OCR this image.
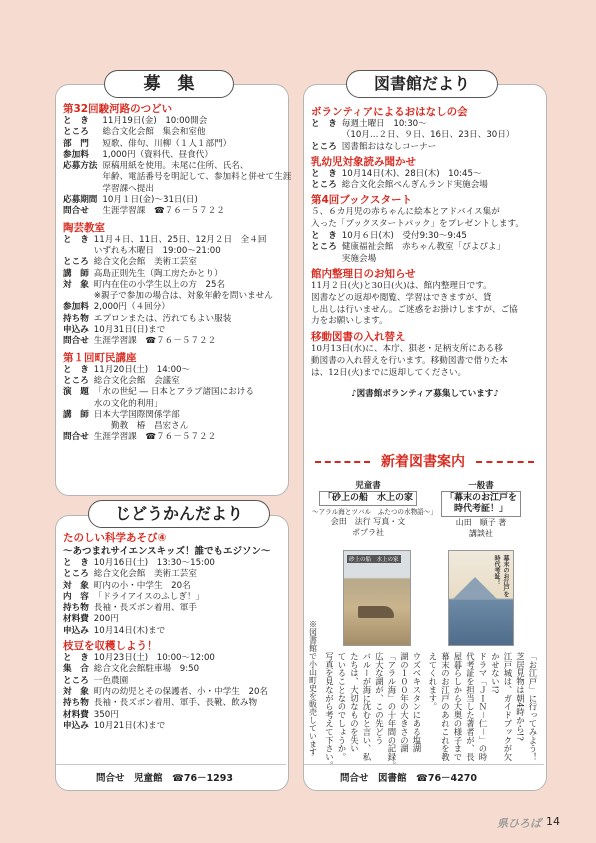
募　集
第32回駿河路のつどい
と　き	11月19日(金)　10:00開会
ところ	総合文化会館　集会和室他
部　門	短歌、俳句、川柳（１人１部門）
参加料	1,000円（資料代、昼食代）
応募方法	原稿用紙を使用。未尾に住所、氏名、
	年齢、電話番号を明記して、参加料と併せて生涯
	学習課へ提出
応募期間	10月１日(金)～31日(日)
問合せ	生涯学習課　☎７６－５７２２
陶芸教室
と　き	11月４日、11日、25日、12月２日　全４回
	いずれも木曜日　19:00～21:00
ところ	総合文化会館　美術工芸室
講　師	高島正則先生（陶工房たかとり）
対　象	町内在住の小学生以上の方　25名
	※親子で参加の場合は、対象年齢を問いません
参加料	2,000円（４回分）
持ち物	エプロンまたは、汚れてもよい服装
申込み	10月31日(日)まで
問合せ	生涯学習課　☎７６－５７２２
第１回町民講座
と　き	11月20日(土)　14:00～
ところ	総合文化会館　会議室
演　題	「水の世紀 ― 日本とアラブ諸国における
	水の文化的利用」
講　師	日本大学国際関係学部
	　　勤教　椿　昌宏さん
問合せ	生涯学習課　☎７６－５７２２
じどうかんだより
たのしい科学あそび④
～あつまれサイエンスキッズ！誰でもエジソン～
と　き	10月16日(土)　13:30～15:00
ところ	総合文化会館　美術工芸室
対　象	町内の小・中学生　20名
内　容	「ドライアイスのふしぎ！」
持ち物	長袖・長ズボン着用、軍手
材料費	200円
申込み	10月14日(木)まで
枝豆を収穫しよう！
と　き	10月23日(土)　10:00～12:00
集　合	総合文化会館駐車場　9:50
ところ	一色農園
対　象	町内の幼児とその保護者、小・中学生　20名
持ち物	長袖・長ズボン着用、軍手、長靴、飲み物
材料費	350円
申込み	10月21日(木)まで
問合せ　児童館　☎76－1293
図書館だより
ボランティアによるおはなしの会
と　き	毎週土曜日　10:30～
	（10月…２日、９日、16日、23日、30日）
ところ	図書館おはなしコーナー
乳幼児対象読み聞かせ
と　き	10月14日(木)、28日(木)　10:45～
ところ	総合文化会館ぺんぎんランド実施会場
第4回ブックスタート
５、６カ月児の赤ちゃんに絵本とアドバイス集が
入った「ブックスタートパック」をプレゼントします。
と　き	10月６日(木)　受付9:30～9:45
ところ	健康福祉会館　赤ちゃん教室「ぴよぴよ」
	実施会場
館内整理日のお知らせ
11月２日(火)と30日(火)は、館内整理日です。
図書などの返却や閲覧、学習はできますが、貸
し出しは行いません。ご迷惑をお掛けしますが、ご協
力をお願いします。
移動図書の入れ替え
10月13日(水)に、本庁、狽老・足柄支所にある移
動図書の入れ替えを行います。移動図書で借りた本
は、12日(火)までに返却してください。
♪図書館ボランティア募集しています♪
新着図書案内
児童書
「砂上の船　水上の家
～アラル海とツバル　ふたつの水物語～」
会田　法行 写真・文
ポプラ社
砂上の船　水上の家
一般書
「幕末のお江戸を
時代考証！」
山田　順子 著
講談社
幕末のお江戸を時代考証！
※図書館で小山町史を販売しています	ウズベキスタンにある塩湖
湖の１００年の大きさの湖
「アラル海」の十年間の記録。
広大な湖が、この先どう
バルーが海に沈むと言い、私
たちは、大切なものを失い
ていることなのでしょうか。
写真を見ながら考えて下さい。	「お江戸」に行ってみよう！
芝居見物は朝4時から!?
江戸城は、ガイドブックが欠
かせない!?
ドラマ「ＪＩＮ－仁－」の時
代考証を担当した著者が、長
屋暮らしから大奥の様子まで
幕末のお江戸のあれこれを教
えてくれます。
問合せ　図書館　☎76－4270
県ひろば 14
